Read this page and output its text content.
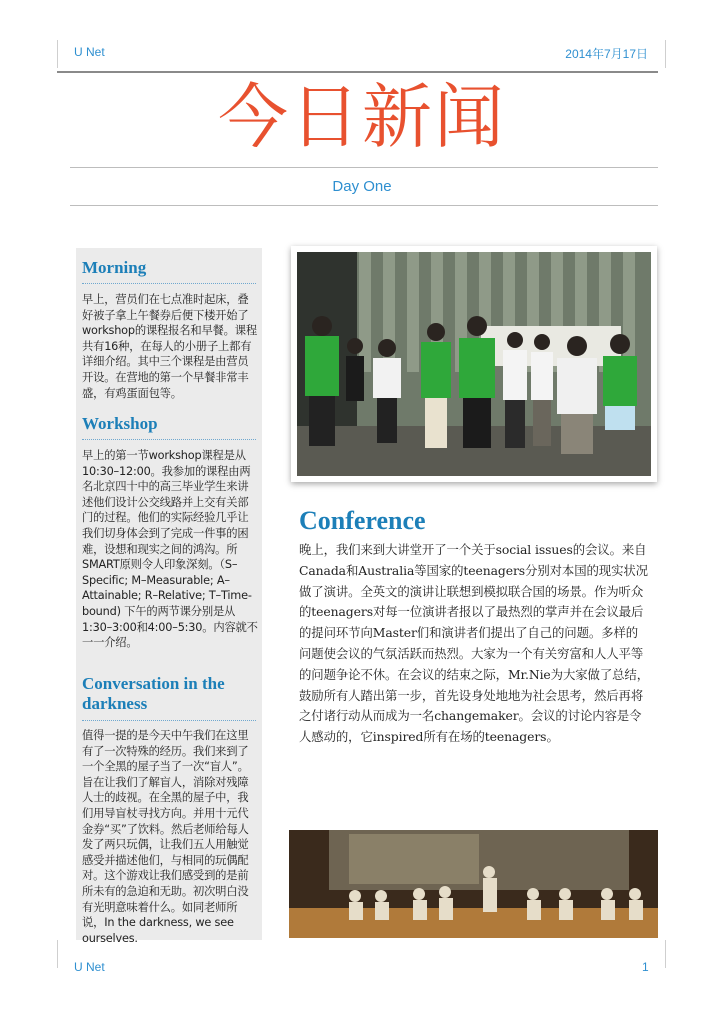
U Net	2014年7月17日
今日新闻
Day One
Morning
早上，营员们在七点准时起床，叠好被子拿上午餐券后便下楼开始了workshop的课程报名和早餐。课程共有16种，在每人的小册子上都有详细介绍。其中三个课程是由营员开设。在营地的第一个早餐非常丰盛，有鸡蛋面包等。
Workshop
早上的第一节workshop课程是从10:30–12:00。我参加的课程由两名北京四十中的高三毕业学生来讲述他们设计公交线路并上交有关部门的过程。他们的实际经验几乎让我们切身体会到了完成一件事的困难，设想和现实之间的鸿沟。所SMART原则令人印象深刻。（S–Specific; M–Measurable; A–Attainable; R–Relative; T–Time-bound) 下午的两节课分别是从1:30–3:00和4:00–5:30。内容就不一一介绍。
Conversation in the darkness
值得一提的是今天中午我们在这里有了一次特殊的经历。我们来到了一个全黑的屋子当了一次“盲人”。旨在让我们了解盲人，消除对残障人士的歧视。在全黑的屋子中，我们用导盲杖寻找方向。并用十元代金券“买”了饮料。然后老师给每人发了两只玩偶，让我们五人用触觉感受并描述他们，与相同的玩偶配对。这个游戏让我们感受到的是前所未有的急迫和无助。初次明白没有光明意味着什么。如同老师所说，In the darkness, we see ourselves.
Conference
晚上，我们来到大讲堂开了一个关于social issues的会议。来自Canada和Australia等国家的teenagers分别对本国的现实状况做了演讲。全英文的演讲让联想到模拟联合国的场景。作为听众的teenagers对每一位演讲者报以了最热烈的掌声并在会议最后的提问环节向Master们和演讲者们提出了自己的问题。多样的问题使会议的气氛活跃而热烈。大家为一个有关穷富和人人平等的问题争论不休。在会议的结束之际，Mr.Nie为大家做了总结，鼓励所有人踏出第一步，首先设身处地地为社会思考，然后再将之付诸行动从而成为一名changemaker。会议的讨论内容是令人感动的，它inspired所有在场的teenagers。
U Net	1
